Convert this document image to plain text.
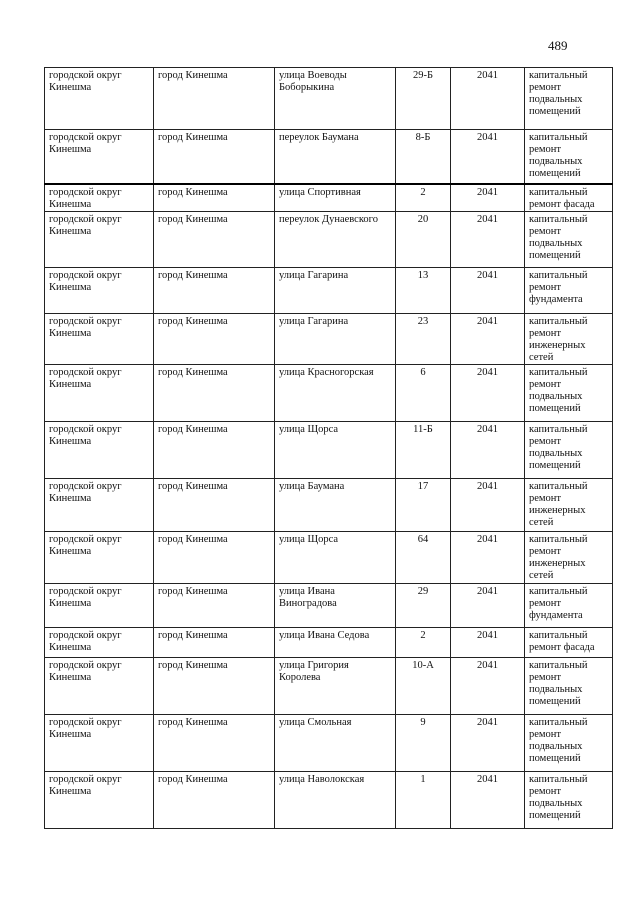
489
городской округ Кинешма	город Кинешма	улица Воеводы Боборыкина	29-Б	2041	капитальный ремонт подвальных помещений
городской округ Кинешма	город Кинешма	переулок Баумана	8-Б	2041	капитальный ремонт подвальных помещений
городской округ Кинешма	город Кинешма	улица Спортивная	2	2041	капитальный ремонт фасада
городской округ Кинешма	город Кинешма	переулок Дунаевского	20	2041	капитальный ремонт подвальных помещений
городской округ Кинешма	город Кинешма	улица Гагарина	13	2041	капитальный ремонт фундамента
городской округ Кинешма	город Кинешма	улица Гагарина	23	2041	капитальный ремонт инженерных сетей
городской округ Кинешма	город Кинешма	улица Красногорская	6	2041	капитальный ремонт подвальных помещений
городской округ Кинешма	город Кинешма	улица Щорса	11-Б	2041	капитальный ремонт подвальных помещений
городской округ Кинешма	город Кинешма	улица Баумана	17	2041	капитальный ремонт инженерных сетей
городской округ Кинешма	город Кинешма	улица Щорса	64	2041	капитальный ремонт инженерных сетей
городской округ Кинешма	город Кинешма	улица Ивана Виноградова	29	2041	капитальный ремонт фундамента
городской округ Кинешма	город Кинешма	улица Ивана Седова	2	2041	капитальный ремонт фасада
городской округ Кинешма	город Кинешма	улица Григория Королева	10-А	2041	капитальный ремонт подвальных помещений
городской округ Кинешма	город Кинешма	улица Смольная	9	2041	капитальный ремонт подвальных помещений
городской округ Кинешма	город Кинешма	улица Наволокская	1	2041	капитальный ремонт подвальных помещений
